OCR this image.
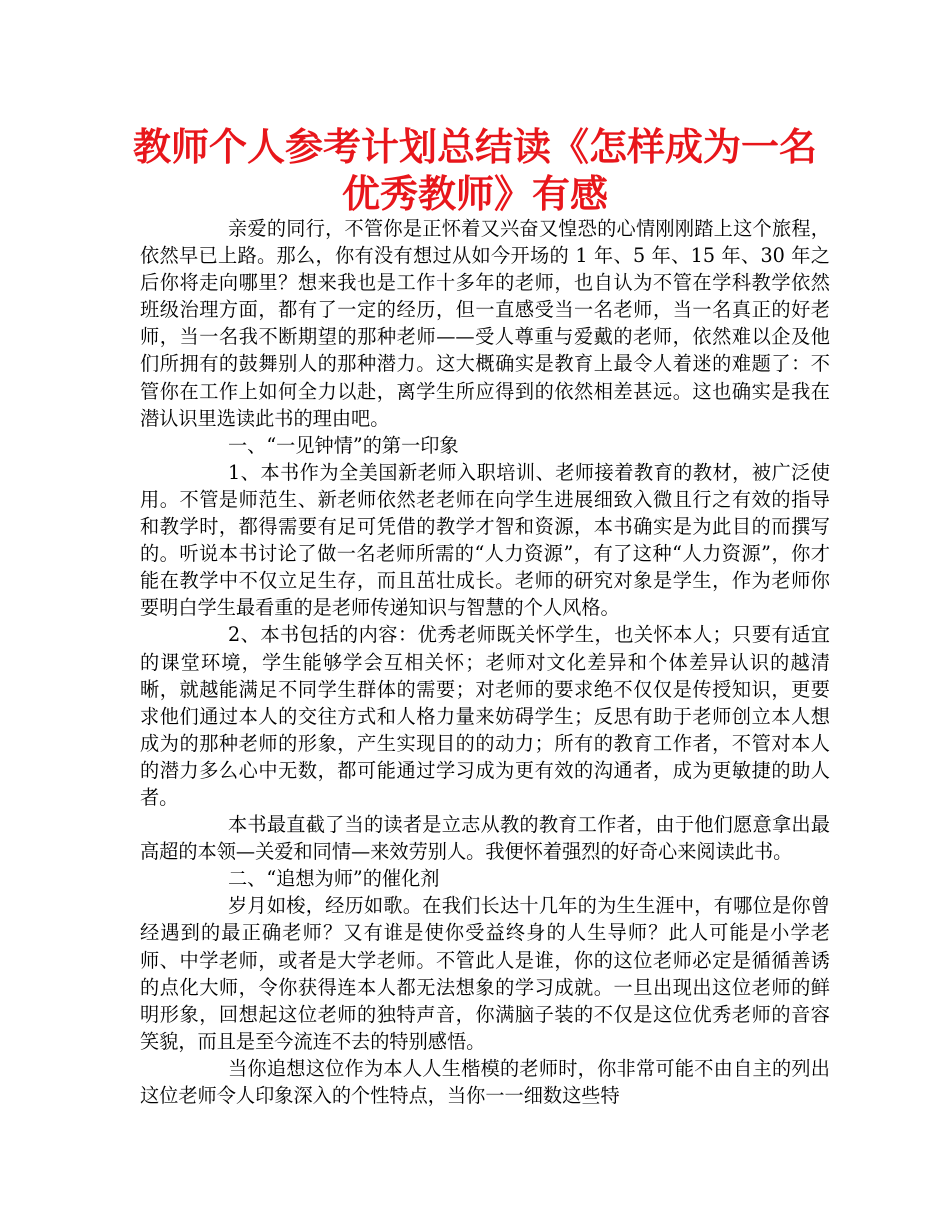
教师个人参考计划总结读《怎样成为一名
优秀教师》有感

亲爱的同行，不管你是正怀着又兴奋又惶恐的心情刚刚踏上这个旅程，依然早已上路。那么，你有没有想过从如今开场的 1 年、5 年、15 年、30 年之后你将走向哪里？想来我也是工作十多年的老师，也自认为不管在学科教学依然班级治理方面，都有了一定的经历，但一直感受当一名老师，当一名真正的好老师，当一名我不断期望的那种老师——受人尊重与爱戴的老师，依然难以企及他们所拥有的鼓舞别人的那种潜力。这大概确实是教育上最令人着迷的难题了：不管你在工作上如何全力以赴，离学生所应得到的依然相差甚远。这也确实是我在潜认识里选读此书的理由吧。

一、“一见钟情”的第一印象

1、本书作为全美国新老师入职培训、老师接着教育的教材，被广泛使用。不管是师范生、新老师依然老老师在向学生进展细致入微且行之有效的指导和教学时，都得需要有足可凭借的教学才智和资源，本书确实是为此目的而撰写的。听说本书讨论了做一名老师所需的“人力资源”，有了这种“人力资源”，你才能在教学中不仅立足生存，而且茁壮成长。老师的研究对象是学生，作为老师你要明白学生最看重的是老师传递知识与智慧的个人风格。

2、本书包括的内容：优秀老师既关怀学生，也关怀本人；只要有适宜的课堂环境，学生能够学会互相关怀；老师对文化差异和个体差异认识的越清晰，就越能满足不同学生群体的需要；对老师的要求绝不仅仅是传授知识，更要求他们通过本人的交往方式和人格力量来妨碍学生；反思有助于老师创立本人想成为的那种老师的形象，产生实现目的的动力；所有的教育工作者，不管对本人的潜力多么心中无数，都可能通过学习成为更有效的沟通者，成为更敏捷的助人者。

本书最直截了当的读者是立志从教的教育工作者，由于他们愿意拿出最高超的本领—关爱和同情—来效劳别人。我便怀着强烈的好奇心来阅读此书。

二、“追想为师”的催化剂

岁月如梭，经历如歌。在我们长达十几年的为生生涯中，有哪位是你曾经遇到的最正确老师？又有谁是使你受益终身的人生导师？此人可能是小学老师、中学老师，或者是大学老师。不管此人是谁，你的这位老师必定是循循善诱的点化大师，令你获得连本人都无法想象的学习成就。一旦出现出这位老师的鲜明形象，回想起这位老师的独特声音，你满脑子装的不仅是这位优秀老师的音容笑貌，而且是至今流连不去的特别感悟。

当你追想这位作为本人人生楷模的老师时，你非常可能不由自主的列出这位老师令人印象深入的个性特点，当你一一细数这些特
